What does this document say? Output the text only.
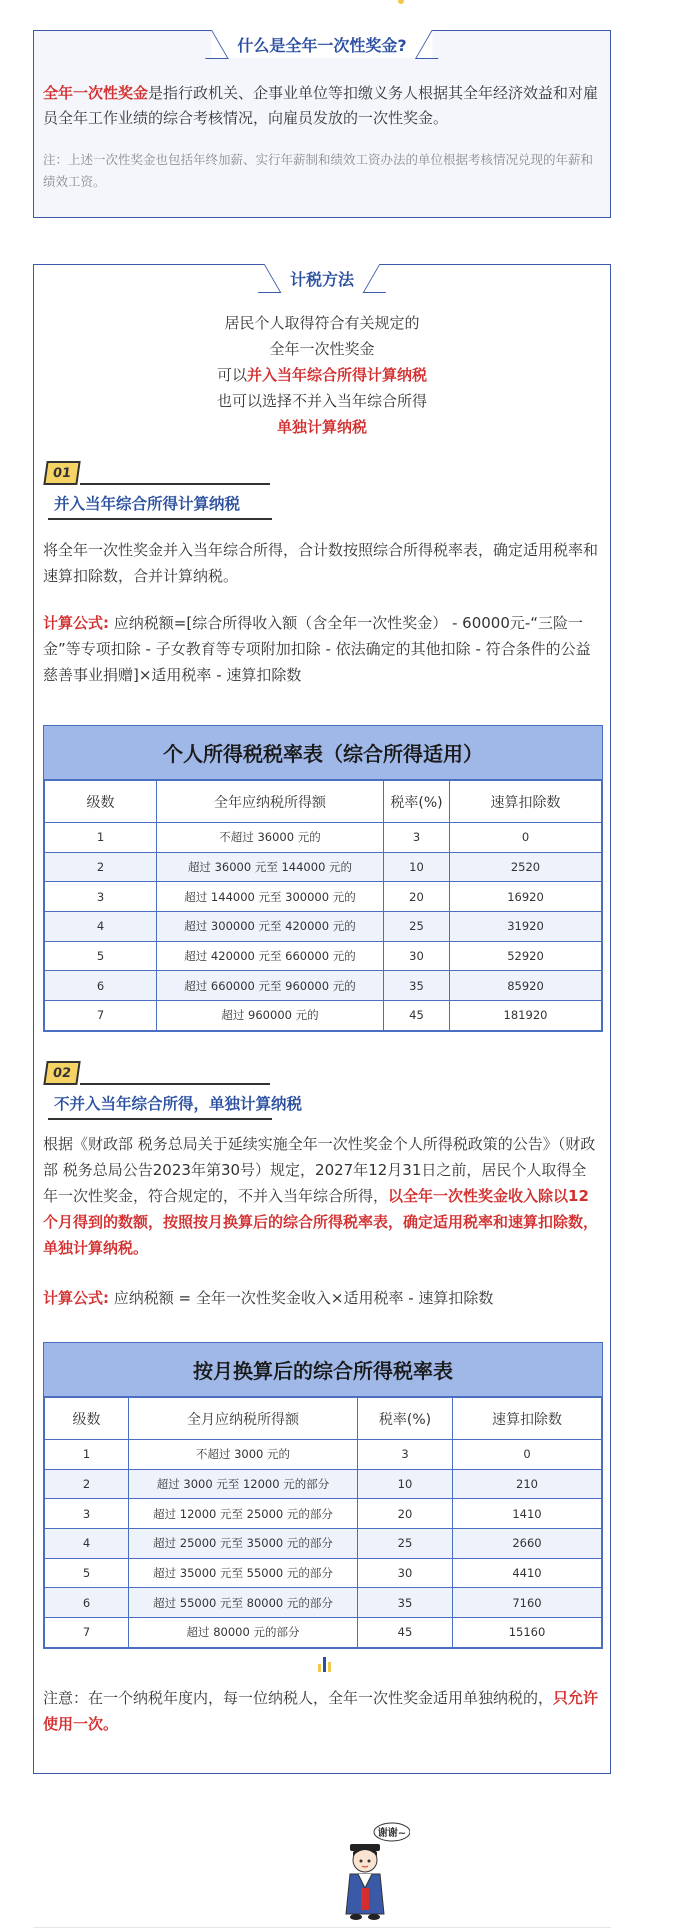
什么是全年一次性奖金?

全年一次性奖金是指行政机关、企事业单位等扣缴义务人根据其全年经济效益和对雇员全年工作业绩的综合考核情况，向雇员发放的一次性奖金。

注：上述一次性奖金也包括年终加薪、实行年薪制和绩效工资办法的单位根据考核情况兑现的年薪和绩效工资。

计税方法
居民个人取得符合有关规定的
全年一次性奖金
可以并入当年综合所得计算纳税
也可以选择不并入当年综合所得
单独计算纳税
01
并入当年综合所得计算纳税
将全年一次性奖金并入当年综合所得，合计数按照综合所得税率表，确定适用税率和速算扣除数，合并计算纳税。
计算公式: 应纳税额=[综合所得收入额（含全年一次性奖金） - 60000元-“三险一金”等专项扣除 - 子女教育等专项附加扣除 - 依法确定的其他扣除 - 符合条件的公益慈善事业捐赠]×适用税率 - 速算扣除数
个人所得税税率表（综合所得适用）
级数	全年应纳税所得额	税率(%)	速算扣除数
1	不超过 36000 元的	3	0
2	超过 36000 元至 144000 元的	10	2520
3	超过 144000 元至 300000 元的	20	16920
4	超过 300000 元至 420000 元的	25	31920
5	超过 420000 元至 660000 元的	30	52920
6	超过 660000 元至 960000 元的	35	85920
7	超过 960000 元的	45	181920
02
不并入当年综合所得，单独计算纳税
根据《财政部 税务总局关于延续实施全年一次性奖金个人所得税政策的公告》（财政部 税务总局公告2023年第30号）规定，2027年12月31日之前，居民个人取得全年一次性奖金，符合规定的，不并入当年综合所得，以全年一次性奖金收入除以12个月得到的数额，按照按月换算后的综合所得税率表，确定适用税率和速算扣除数，单独计算纳税。
计算公式: 应纳税额 = 全年一次性奖金收入×适用税率 - 速算扣除数
按月换算后的综合所得税率表
级数	全月应纳税所得额	税率(%)	速算扣除数
1	不超过 3000 元的	3	0
2	超过 3000 元至 12000 元的部分	10	210
3	超过 12000 元至 25000 元的部分	20	1410
4	超过 25000 元至 35000 元的部分	25	2660
5	超过 35000 元至 55000 元的部分	30	4410
6	超过 55000 元至 80000 元的部分	35	7160
7	超过 80000 元的部分	45	15160
注意：在一个纳税年度内，每一位纳税人，全年一次性奖金适用单独纳税的，只允许使用一次。
谢谢~
